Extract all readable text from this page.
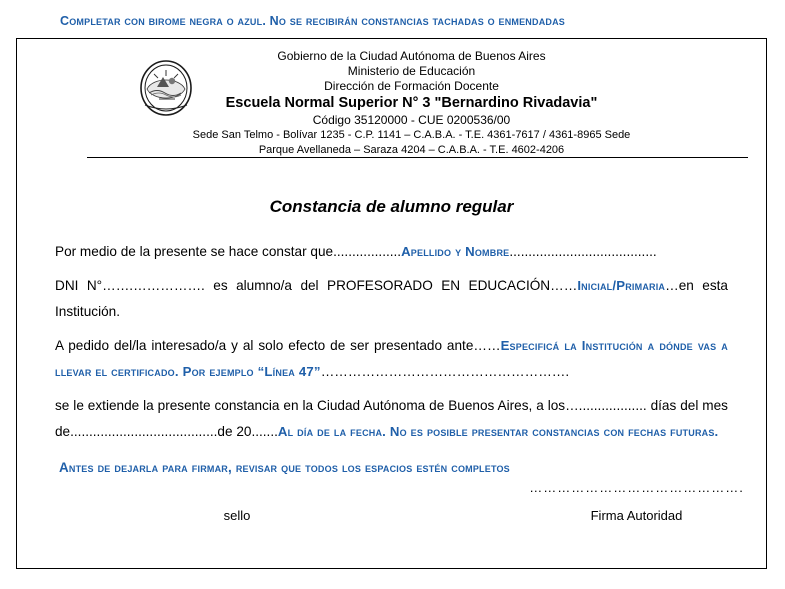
Completar con birome negra o azul. No se recibirán constancias tachadas o enmendadas
Gobierno de la Ciudad Autónoma de Buenos Aires
Ministerio de Educación
Dirección de Formación Docente
Escuela Normal Superior N° 3 "Bernardino Rivadavia"
Código 35120000 - CUE 0200536/00
Sede San Telmo - Bolívar 1235 - C.P. 1141 – C.A.B.A. - T.E. 4361-7617 / 4361-8965 Sede
Parque Avellaneda – Saraza 4204 – C.A.B.A. - T.E. 4602-4206
Constancia de alumno regular

Por medio de la presente se hace constar que..................Apellido y Nombre.......................................

DNI N°…….……………. es alumno/a del PROFESORADO EN EDUCACIÓN……Inicial/Primaria…en esta Institución.

A pedido del/la interesado/a y al solo efecto de ser presentado ante……Especificá la Institución a dónde vas a llevar el certificado. Por ejemplo “Línea 47”……………………………………………….

se le extiende la presente constancia en la Ciudad Autónoma de Buenos Aires, a los….................. días del mes de.......................................de 20.......Al día de la fecha. No es posible presentar constancias con fechas futuras.

Antes de dejarla para firmar, revisar que todos los espacios estén completos
……………………………………….
sello	Firma Autoridad
